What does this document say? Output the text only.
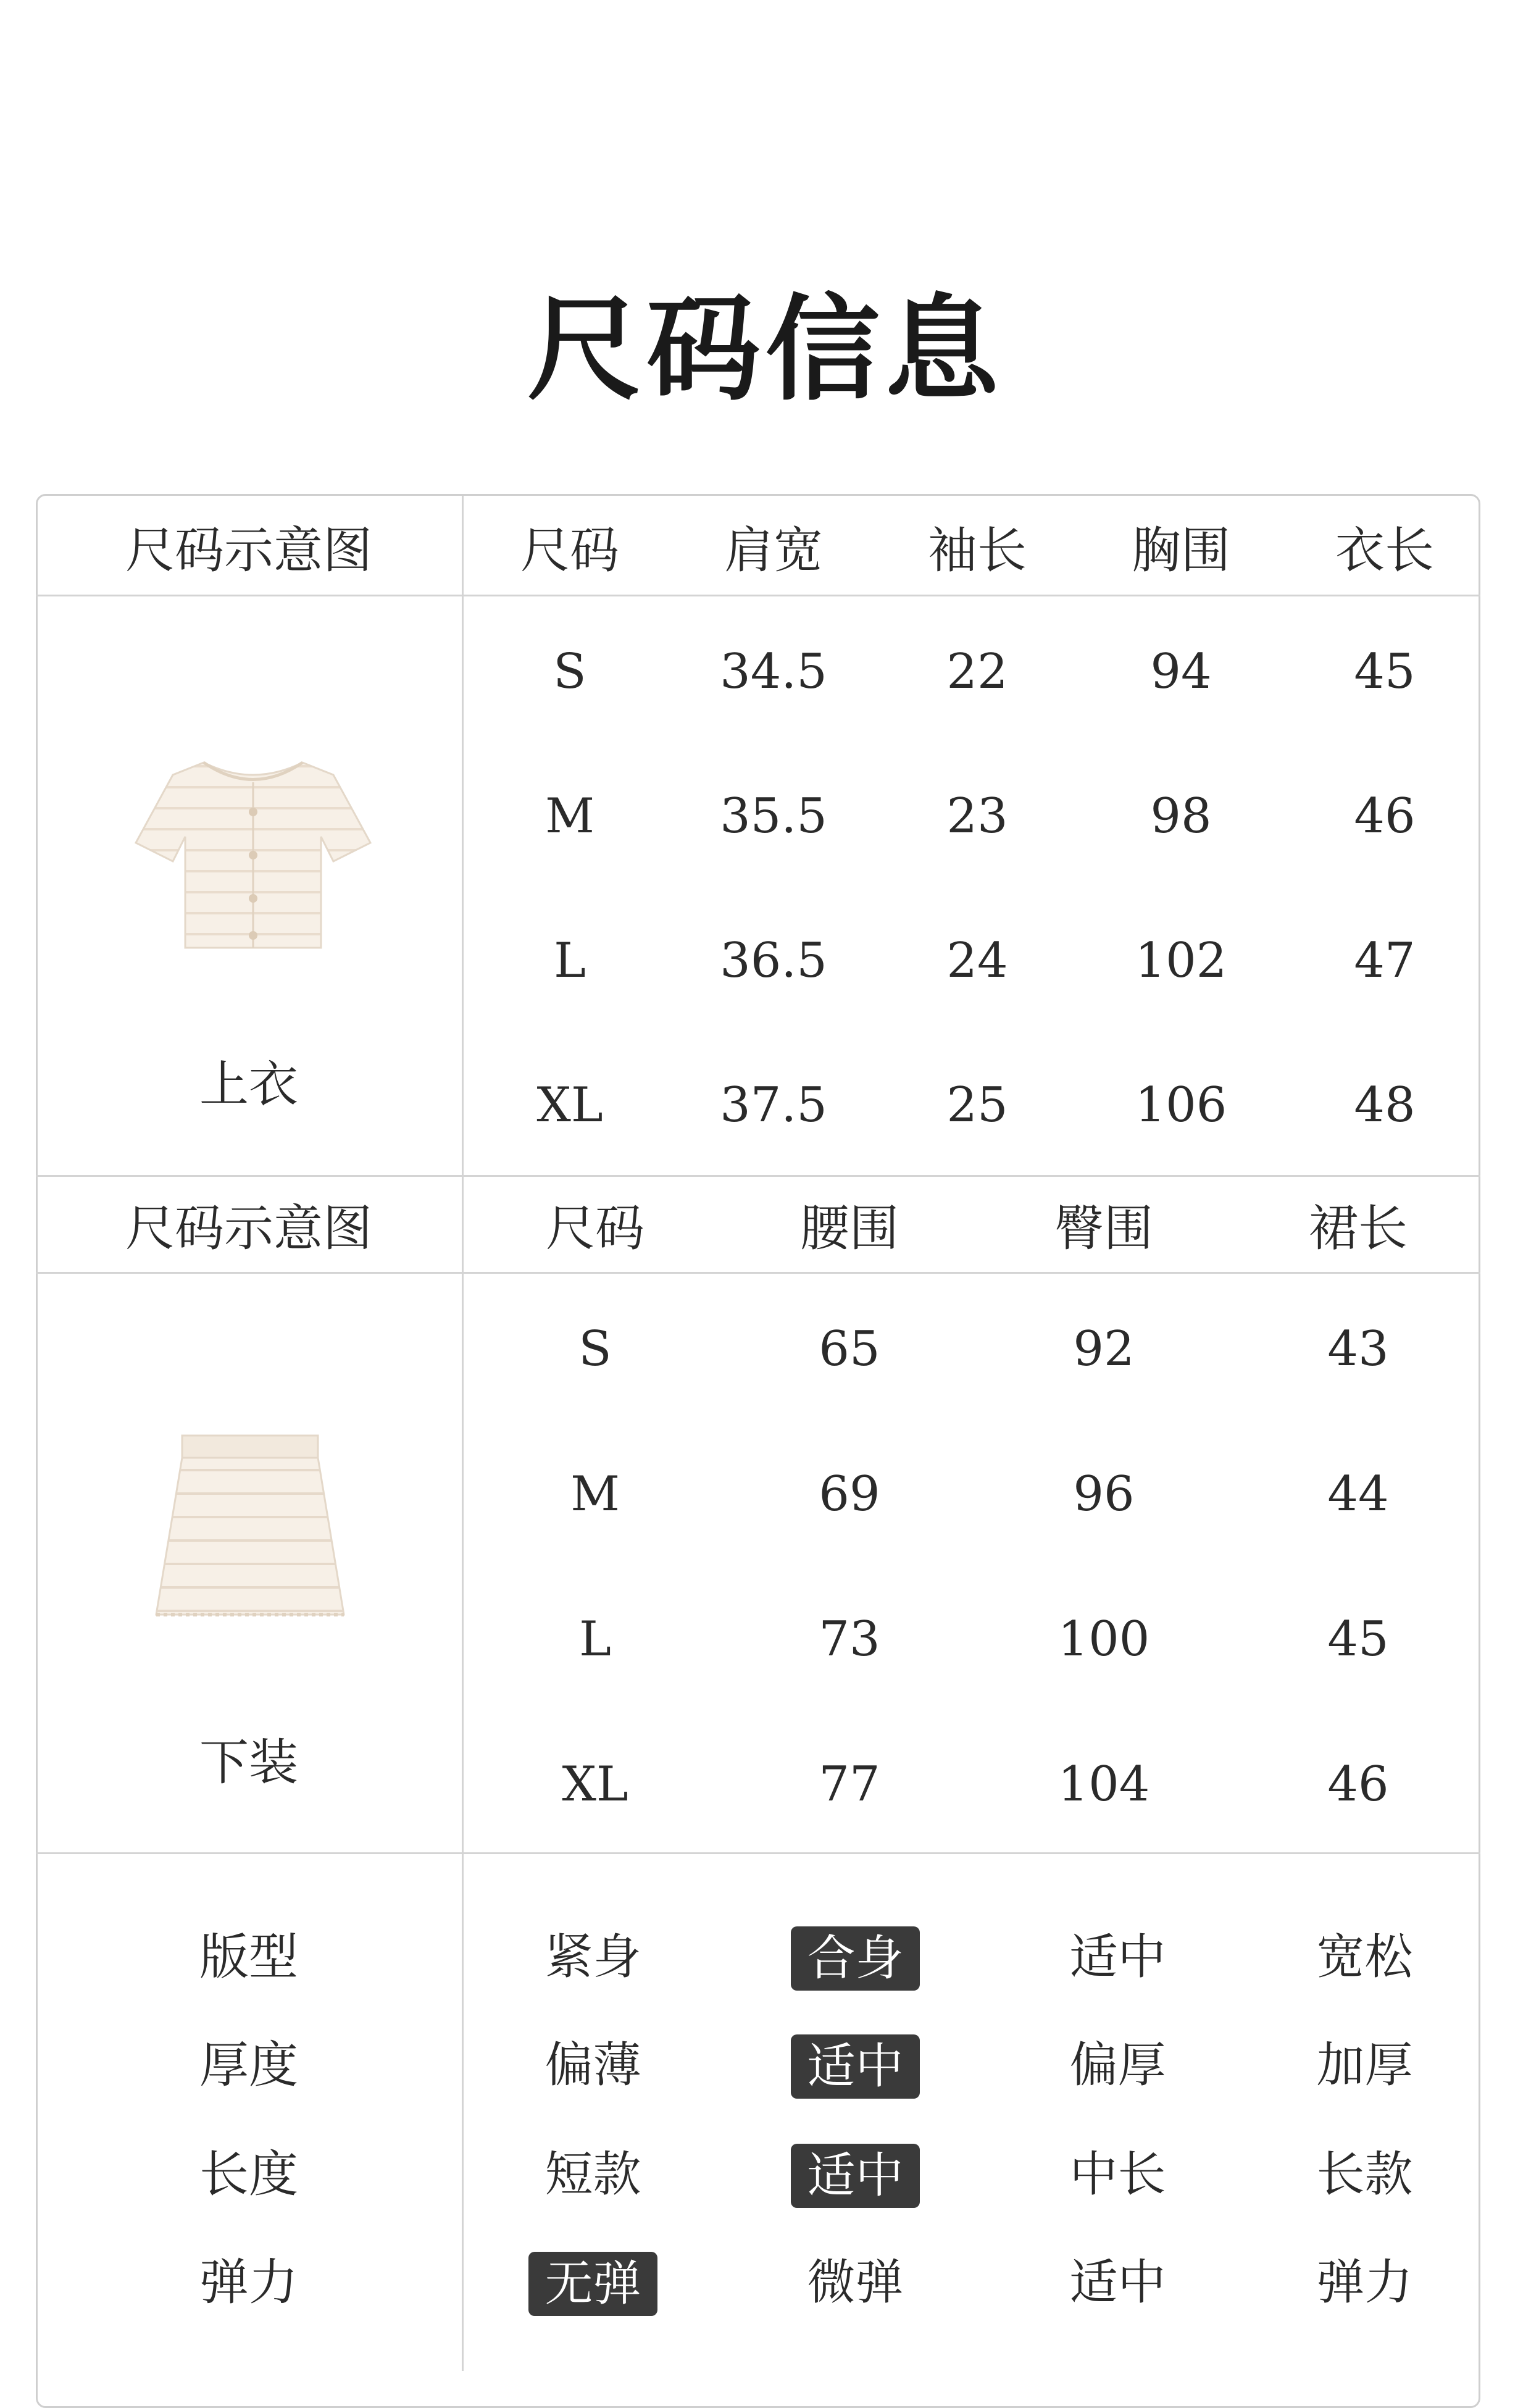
尺码信息
尺码示意图	尺码	肩宽	袖长	胸围	衣长
S	34.5	22	94	45
M	35.5	23	98	46
L	36.5	24	102	47
XL	37.5	25	106	48
上衣
尺码示意图	尺码	腰围	臀围	裙长
S	65	92	43
M	69	96	44
L	73	100	45
XL	77	104	46
下装
版型	紧身	合身	适中	宽松
厚度	偏薄	适中	偏厚	加厚
长度	短款	适中	中长	长款
弹力	无弹	微弹	适中	弹力
